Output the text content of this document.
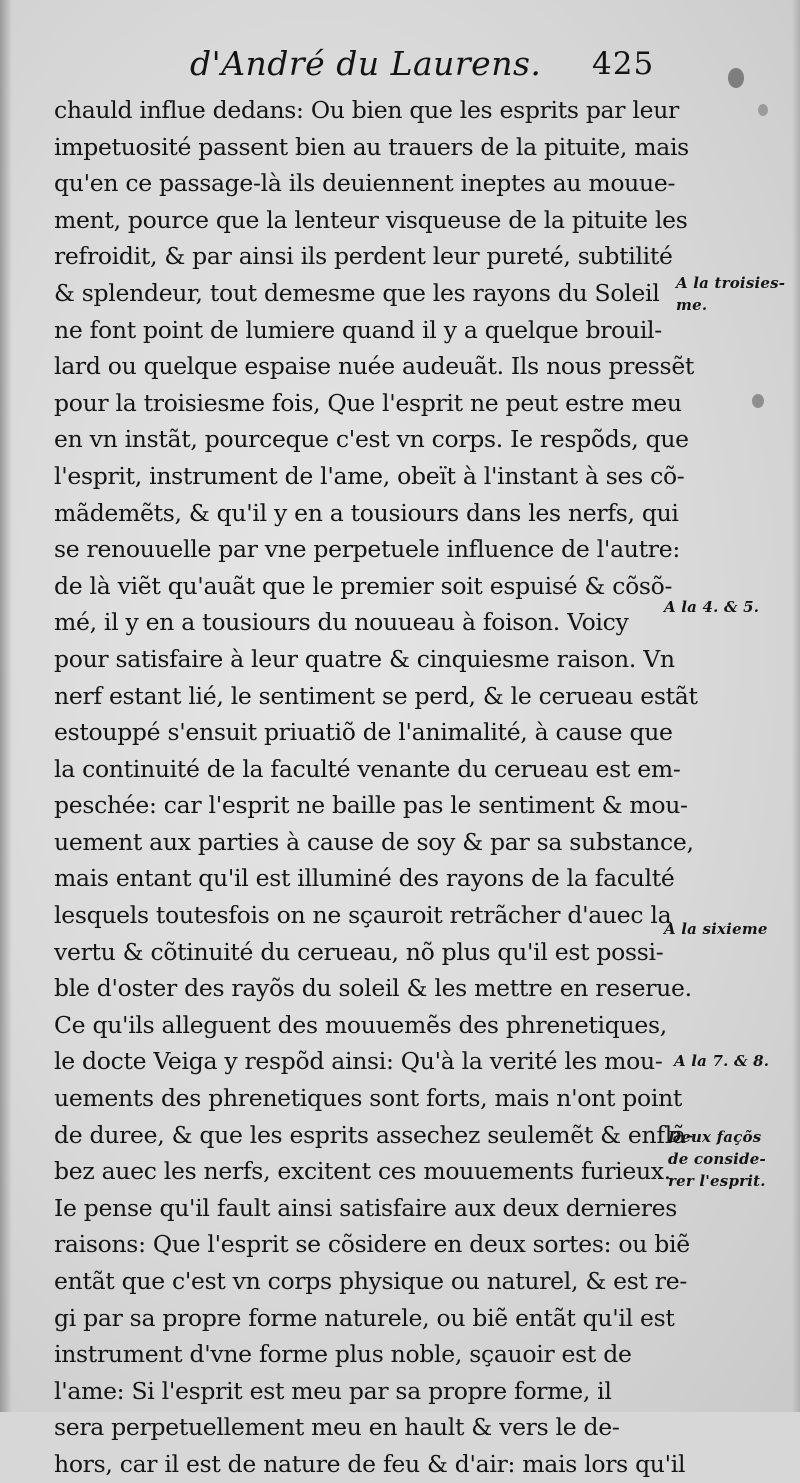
d'André du Laurens. 425
chauld influe dedans: Ou bien que les esprits par leur
impetuosité passent bien au trauers de la pituite, mais
qu'en ce passage-là ils deuiennent ineptes au mouue-
ment, pource que la lenteur visqueuse de la pituite les
refroidit, & par ainsi ils perdent leur pureté, subtilité
& splendeur, tout demesme que les rayons du Soleil
ne font point de lumiere quand il y a quelque brouil-
lard ou quelque espaise nuée audeuãt. Ils nous pressẽt
pour la troisiesme fois, Que l'esprit ne peut estre meu
en vn instãt, pourceque c'est vn corps. Ie respõds, que
l'esprit, instrument de l'ame, obeït à l'instant à ses cõ-
mãdemẽts, & qu'il y en a tousiours dans les nerfs, qui
se renouuelle par vne perpetuele influence de l'autre:
de là viẽt qu'auãt que le premier soit espuisé & cõsõ-
mé, il y en a tousiours du nouueau à foison. Voicy
pour satisfaire à leur quatre & cinquiesme raison. Vn
nerf estant lié, le sentiment se perd, & le cerueau estãt
estouppé s'ensuit priuatiõ de l'animalité, à cause que
la continuité de la faculté venante du cerueau est em-
peschée: car l'esprit ne baille pas le sentiment & mou-
uement aux parties à cause de soy & par sa substance,
mais entant qu'il est illuminé des rayons de la faculté
lesquels toutesfois on ne sçauroit retrãcher d'auec la
vertu & cõtinuité du cerueau, nõ plus qu'il est possi-
ble d'oster des rayõs du soleil & les mettre en reserue.
Ce qu'ils alleguent des mouuemẽs des phrenetiques,
le docte Veiga y respõd ainsi: Qu'à la verité les mou-
uements des phrenetiques sont forts, mais n'ont point
de duree, & que les esprits assechez seulemẽt & enflã-
bez auec les nerfs, excitent ces mouuements furieux.
Ie pense qu'il fault ainsi satisfaire aux deux dernieres
raisons: Que l'esprit se cõsidere en deux sortes: ou biẽ
entãt que c'est vn corps physique ou naturel, & est re-
gi par sa propre forme naturele, ou biẽ entãt qu'il est
instrument d'vne forme plus noble, sçauoir est de
l'ame: Si l'esprit est meu par sa propre forme, il
sera perpetuellement meu en hault & vers le de-
hors, car il est de nature de feu & d'air: mais lors qu'il
A la troisies-
me.
A la 4. & 5.
A la sixieme
A la 7. & 8.
Deux façõs
de conside-
rer l'esprit.
